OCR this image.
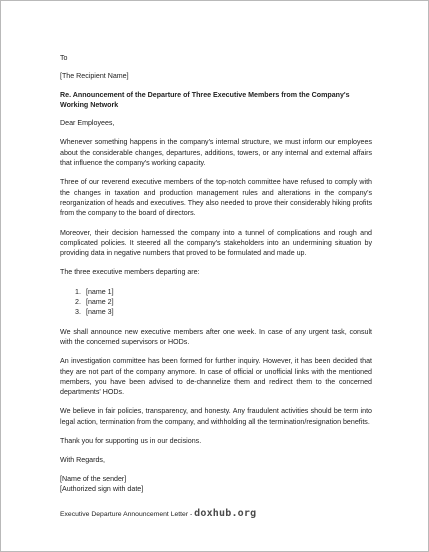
To

[The Recipient Name]

Re. Announcement of the Departure of Three Executive Members from the Company's Working Network

Dear Employees,

Whenever something happens in the company's internal structure, we must inform our employees about the considerable changes, departures, additions, towers, or any internal and external affairs that influence the company's working capacity.

Three of our reverend executive members of the top-notch committee have refused to comply with the changes in taxation and production management rules and alterations in the company's reorganization of heads and executives. They also needed to prove their considerably hiking profits from the company to the board of directors.

Moreover, their decision harnessed the company into a tunnel of complications and rough and complicated policies. It steered all the company's stakeholders into an undermining situation by providing data in negative numbers that proved to be formulated and made up.

The three executive members departing are:

1. [name 1]
2. [name 2]
3. [name 3]

We shall announce new executive members after one week. In case of any urgent task, consult with the concerned supervisors or HODs.

An investigation committee has been formed for further inquiry. However, it has been decided that they are not part of the company anymore. In case of official or unofficial links with the mentioned members, you have been advised to de-channelize them and redirect them to the concerned departments' HODs.

We believe in fair policies, transparency, and honesty. Any fraudulent activities should be term into legal action, termination from the company, and withholding all the termination/resignation benefits.

Thank you for supporting us in our decisions.

With Regards,

[Name of the sender]

[Authorized sign with date]

Executive Departure Announcement Letter - doxhub.org
